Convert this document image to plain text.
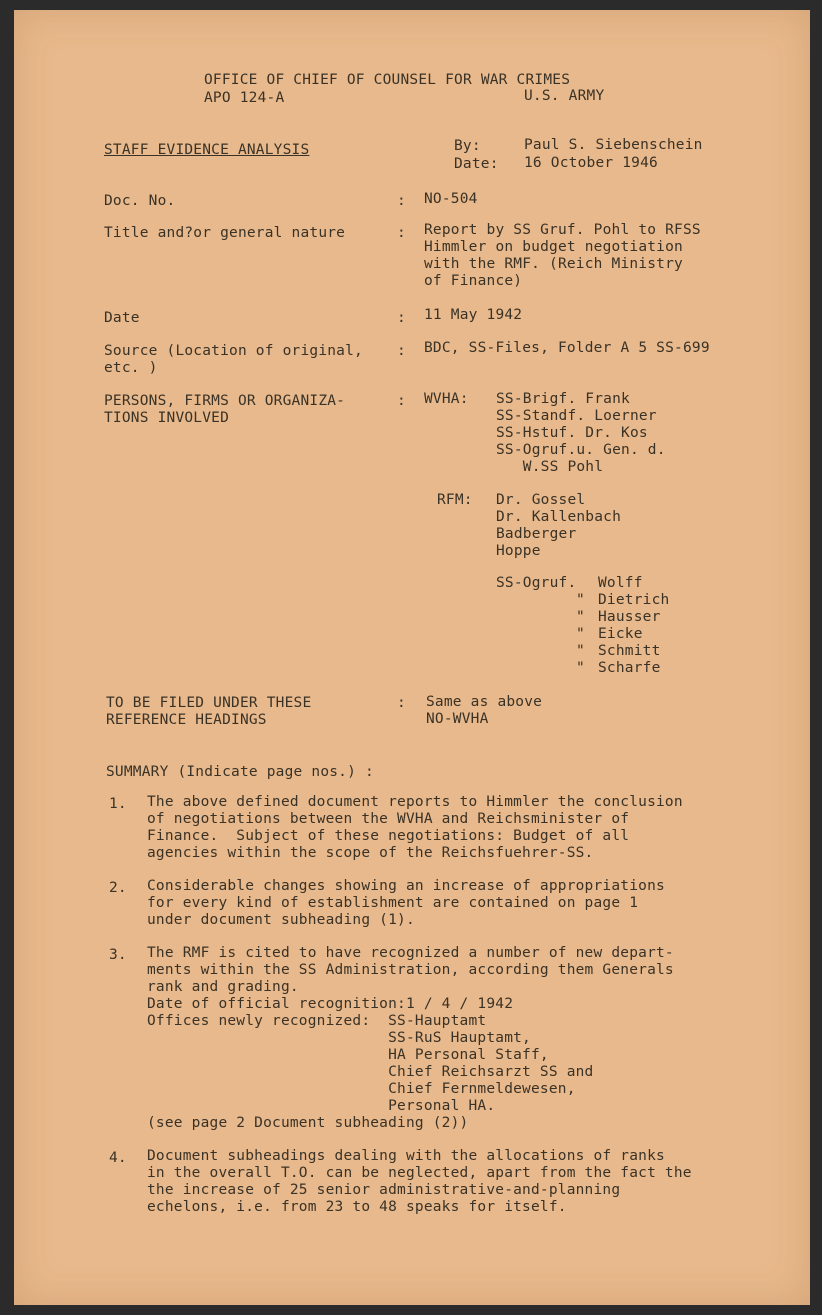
OFFICE OF CHIEF OF COUNSEL FOR WAR CRIMES
APO 124-A	U.S. ARMY
STAFF EVIDENCE ANALYSIS	By:	Paul S. Siebenschein
Date: 16 October 1946
Doc. No.	: NO-504
Title and?or general nature	: Report by SS Gruf. Pohl to RFSS
Himmler on budget negotiation
with the RMF. (Reich Ministry
of Finance)
Date	: 11 May 1942
Source (Location of original,
etc. )
: BDC, SS-Files, Folder A 5 SS-699
PERSONS, FIRMS OR ORGANIZA-
TIONS INVOLVED
: WVHA: SS-Brigf. Frank
SS-Standf. Loerner
SS-Hstuf. Dr. Kos
SS-Ogruf.u. Gen. d.
W.SS Pohl
RFM: Dr. Gossel
Dr. Kallenbach
Badberger
Hoppe
SS-Ogruf. Wolff
" Dietrich
" Hausser
" Eicke
" Schmitt
" Scharfe
TO BE FILED UNDER THESE
REFERENCE HEADINGS
: Same as above
NO-WVHA
SUMMARY (Indicate page nos.) :
1. The above defined document reports to Himmler the conclusion
of negotiations between the WVHA and Reichsminister of
Finance.  Subject of these negotiations: Budget of all
agencies within the scope of the Reichsfuehrer-SS.
2. Considerable changes showing an increase of appropriations
for every kind of establishment are contained on page 1
under document subheading (1).
3. The RMF is cited to have recognized a number of new depart-
ments within the SS Administration, according them Generals
rank and grading.
Date of official recognition:1 / 4 / 1942
Offices newly recognized:  SS-Hauptamt
SS-RuS Hauptamt,
HA Personal Staff,
Chief Reichsarzt SS and
Chief Fernmeldewesen,
Personal HA.
(see page 2 Document subheading (2))
4. Document subheadings dealing with the allocations of ranks
in the overall T.O. can be neglected, apart from the fact the
the increase of 25 senior administrative-and-planning
echelons, i.e. from 23 to 48 speaks for itself.
